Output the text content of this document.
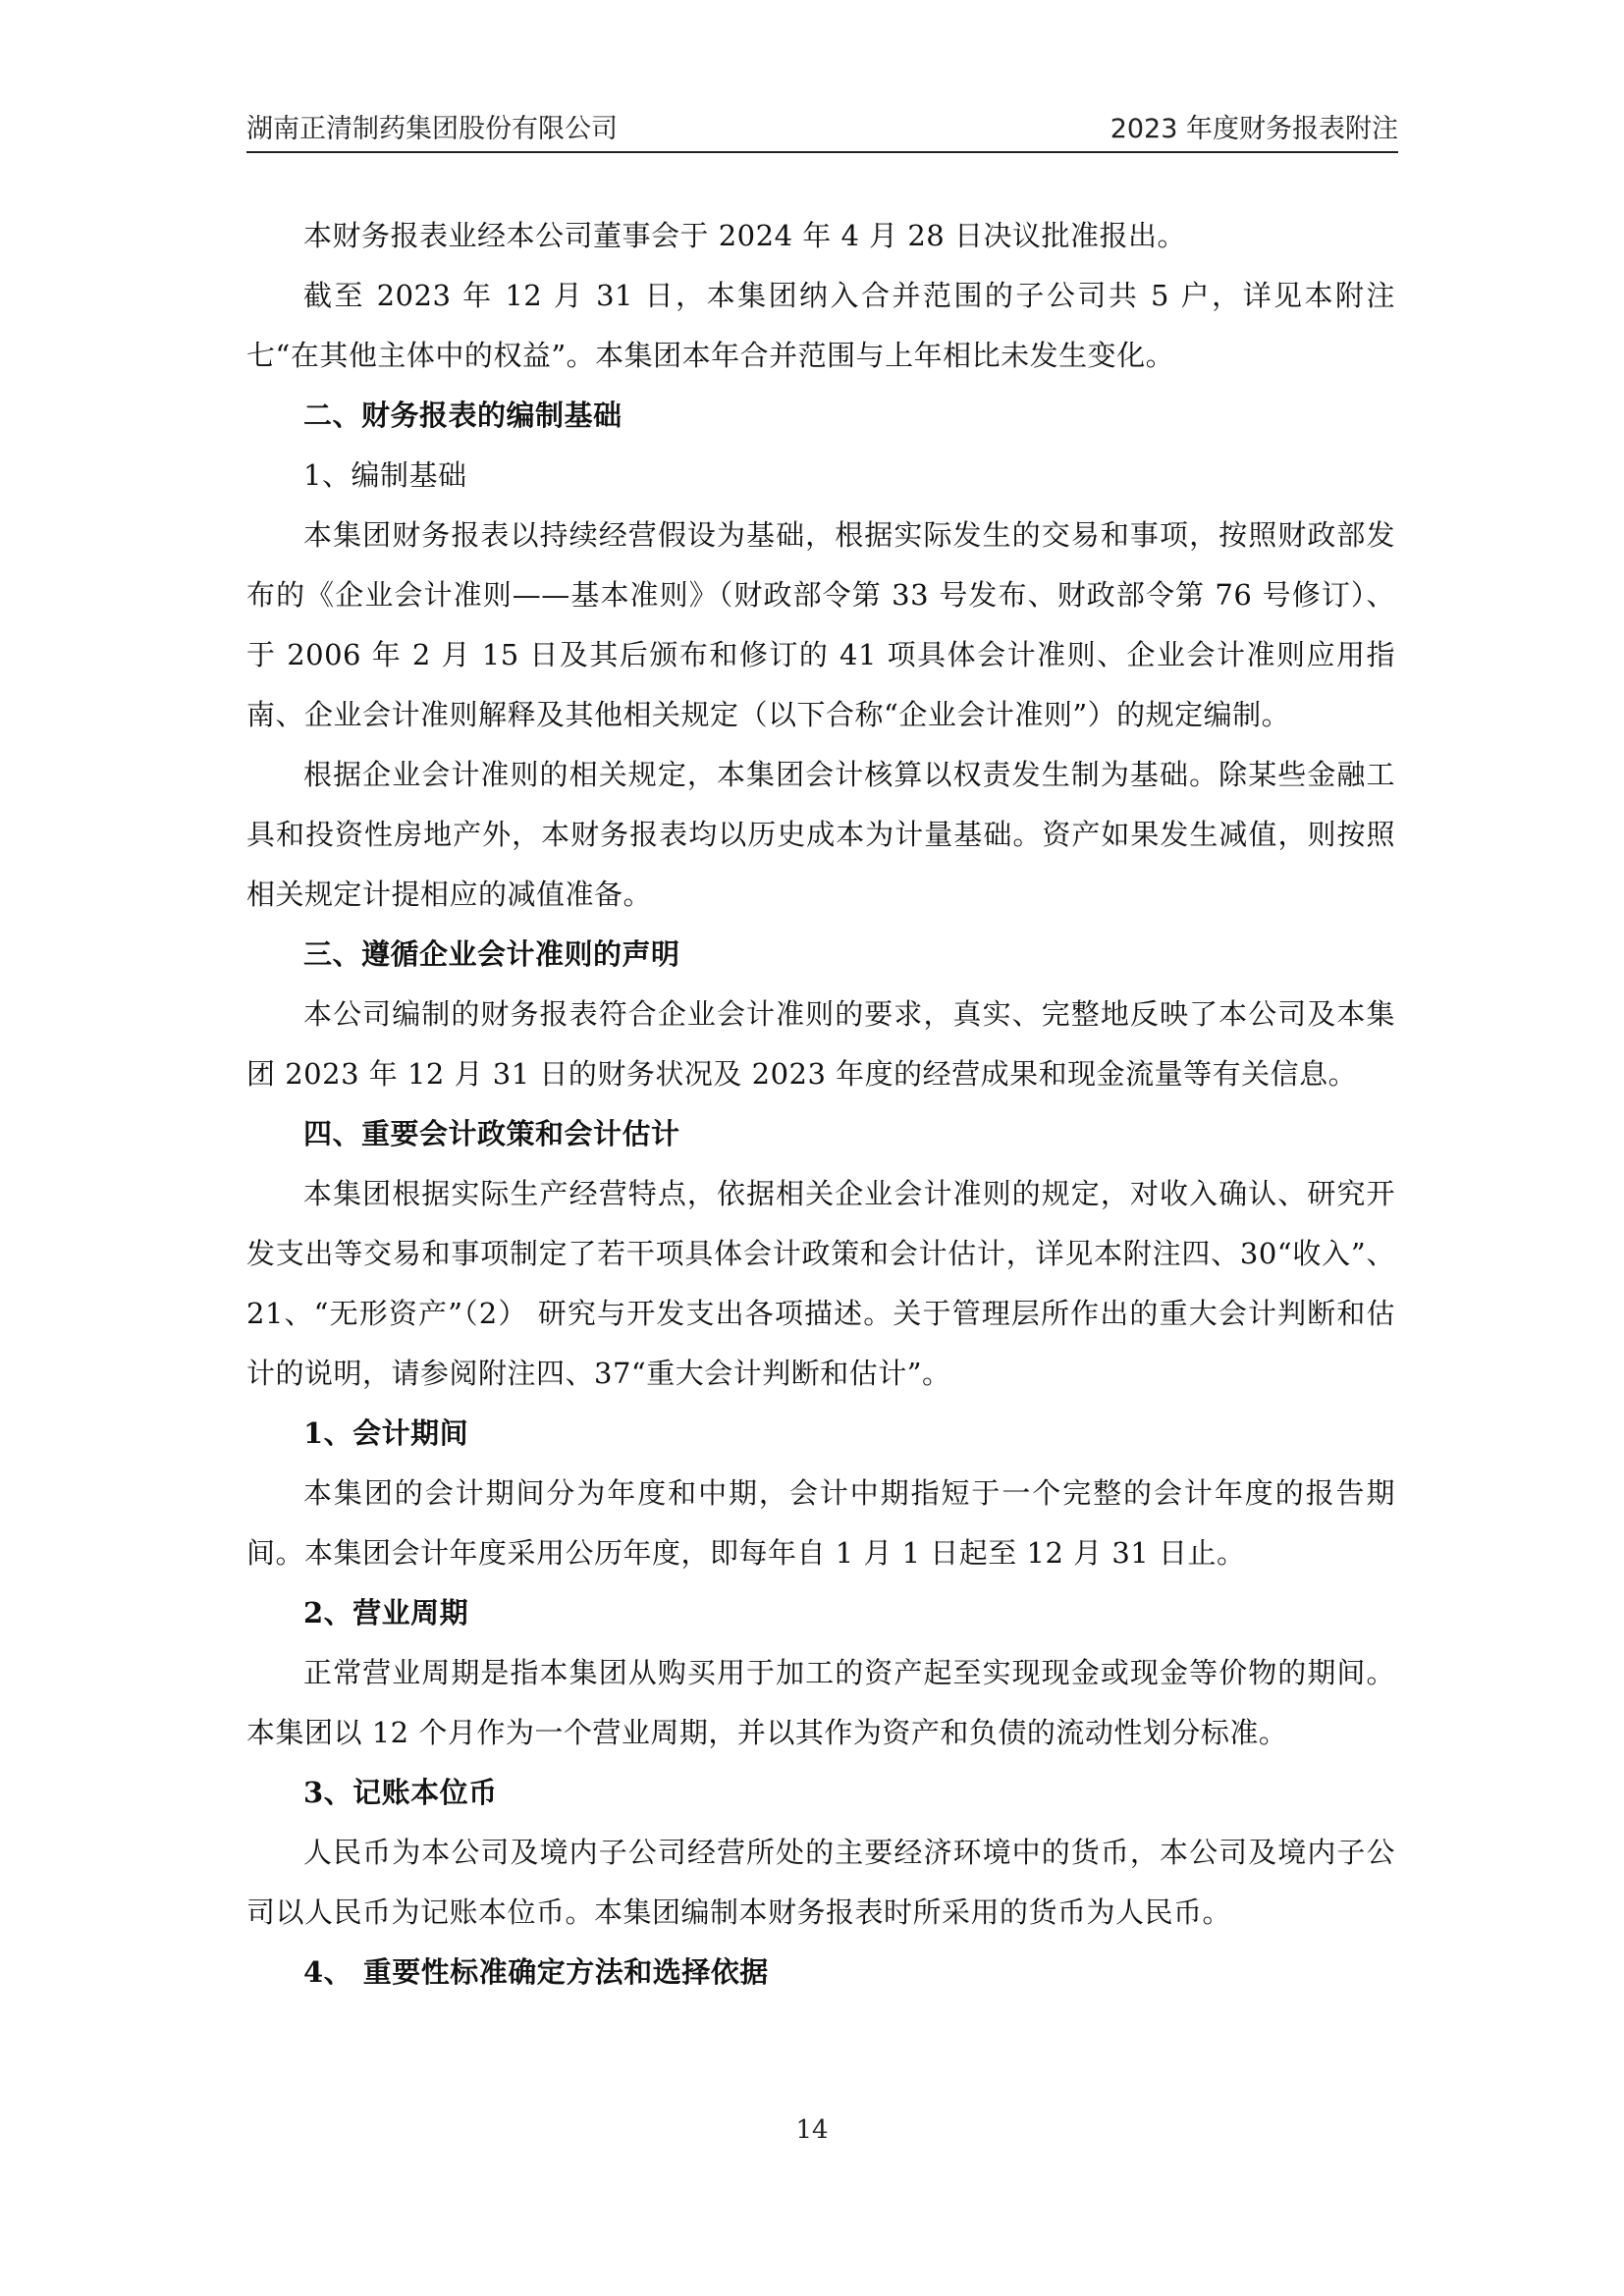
湖南正清制药集团股份有限公司	2023 年度财务报表附注

本财务报表业经本公司董事会于 2024 年 4 月 28 日决议批准报出。

截至 2023 年 12 月 31 日，本集团纳入合并范围的子公司共 5 户，详见本附注七“在其他主体中的权益”。本集团本年合并范围与上年相比未发生变化。

二、财务报表的编制基础

1、编制基础

本集团财务报表以持续经营假设为基础，根据实际发生的交易和事项，按照财政部发布的《企业会计准则——基本准则》（财政部令第 33 号发布、财政部令第 76 号修订）、于 2006 年 2 月 15 日及其后颁布和修订的 41 项具体会计准则、企业会计准则应用指南、企业会计准则解释及其他相关规定（以下合称“企业会计准则”）的规定编制。

根据企业会计准则的相关规定，本集团会计核算以权责发生制为基础。除某些金融工具和投资性房地产外，本财务报表均以历史成本为计量基础。资产如果发生减值，则按照相关规定计提相应的减值准备。

三、遵循企业会计准则的声明

本公司编制的财务报表符合企业会计准则的要求，真实、完整地反映了本公司及本集团 2023 年 12 月 31 日的财务状况及 2023 年度的经营成果和现金流量等有关信息。

四、重要会计政策和会计估计

本集团根据实际生产经营特点，依据相关企业会计准则的规定，对收入确认、研究开发支出等交易和事项制定了若干项具体会计政策和会计估计，详见本附注四、30“收入”、21、“无形资产”（2） 研究与开发支出各项描述。关于管理层所作出的重大会计判断和估计的说明，请参阅附注四、37“重大会计判断和估计”。

1、会计期间

本集团的会计期间分为年度和中期，会计中期指短于一个完整的会计年度的报告期间。本集团会计年度采用公历年度，即每年自 1 月 1 日起至 12 月 31 日止。

2、营业周期

正常营业周期是指本集团从购买用于加工的资产起至实现现金或现金等价物的期间。本集团以 12 个月作为一个营业周期，并以其作为资产和负债的流动性划分标准。

3、记账本位币

人民币为本公司及境内子公司经营所处的主要经济环境中的货币，本公司及境内子公司以人民币为记账本位币。本集团编制本财务报表时所采用的货币为人民币。

4、 重要性标准确定方法和选择依据

14
